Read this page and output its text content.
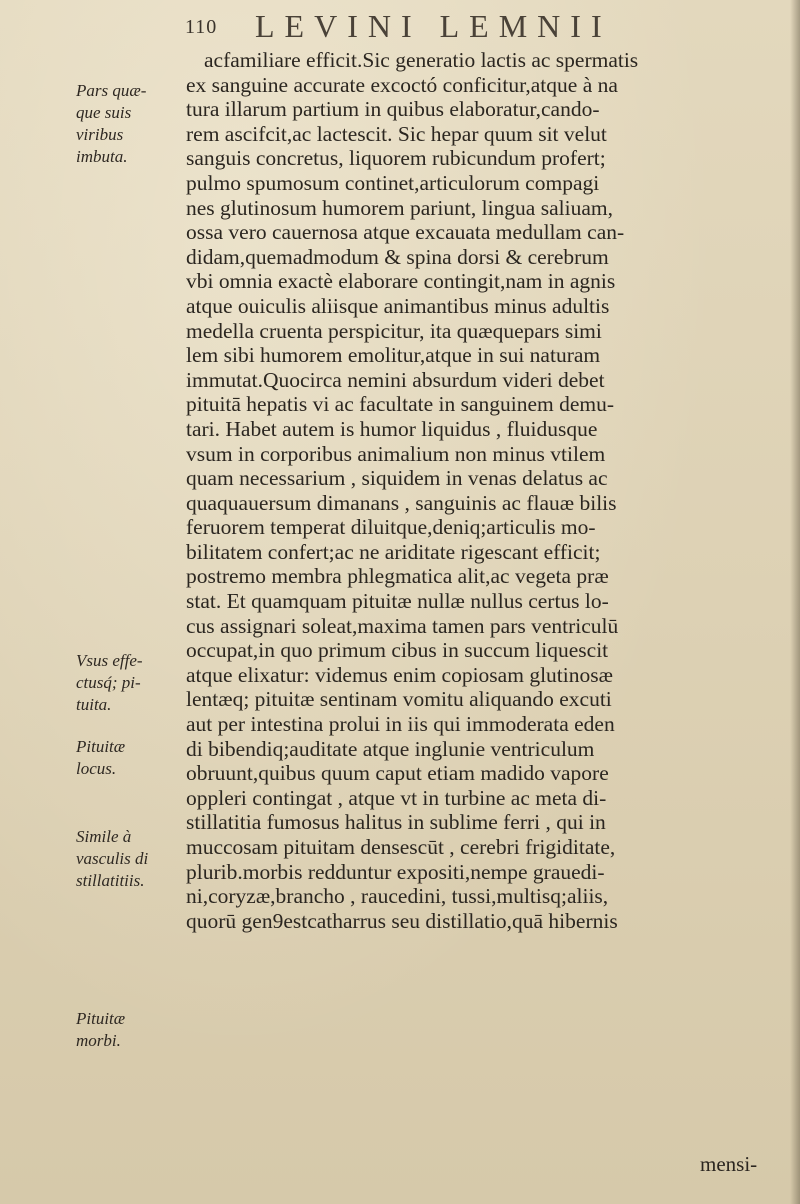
110 LEVINI LEMNII
Pars quæ-
que suis
viribus
imbuta.
Vsus effe-
ctusq́; pi-
tuita.
Pituitæ
locus.
Simile à
vasculis di
stillatitiis.
Pituitæ
morbi.
acfamiliare efficit.Sic generatio lactis ac spermatis
ex sanguine accurate excoctó conficitur,atque à na
tura illarum partium in quibus elaboratur,cando-
rem ascifcit,ac lactescit. Sic hepar quum sit velut
sanguis concretus, liquorem rubicundum profert;
pulmo spumosum continet,articulorum compagi
nes glutinosum humorem pariunt, lingua saliuam,
ossa vero cauernosa atque excauata medullam can-
didam,quemadmodum & spina dorsi & cerebrum
vbi omnia exactè elaborare contingit,nam in agnis
atque ouiculis aliisque animantibus minus adultis
medella cruenta perspicitur, ita quæquepars simi
lem sibi humorem emolitur,atque in sui naturam
immutat.Quocirca nemini absurdum videri debet
pituitā hepatis vi ac facultate in sanguinem demu-
tari. Habet autem is humor liquidus , fluidusque
vsum in corporibus animalium non minus vtilem
quam necessarium , siquidem in venas delatus ac
quaquauersum dimanans , sanguinis ac flauæ bilis
feruorem temperat diluitque,deniq;articulis mo-
bilitatem confert;ac ne ariditate rigescant efficit;
postremo membra phlegmatica alit,ac vegeta præ
stat. Et quamquam pituitæ nullæ nullus certus lo-
cus assignari soleat,maxima tamen pars ventriculū
occupat,in quo primum cibus in succum liquescit
atque elixatur: videmus enim copiosam glutinosæ
lentæq; pituitæ sentinam vomitu aliquando excuti
aut per intestina prolui in iis qui immoderata eden
di bibendiq;auditate atque inglunie ventriculum
obruunt,quibus quum caput etiam madido vapore
oppleri contingat , atque vt in turbine ac meta di-
stillatitia fumosus halitus in sublime ferri , qui in
muccosam pituitam densescūt , cerebri frigiditate,
plurib.morbis redduntur expositi,nempe grauedi-
ni,coryzæ,brancho , raucedini, tussi,multisq;aliis,
quorū gen9estcatharrus seu distillatio,quā hibernis
mensi-
